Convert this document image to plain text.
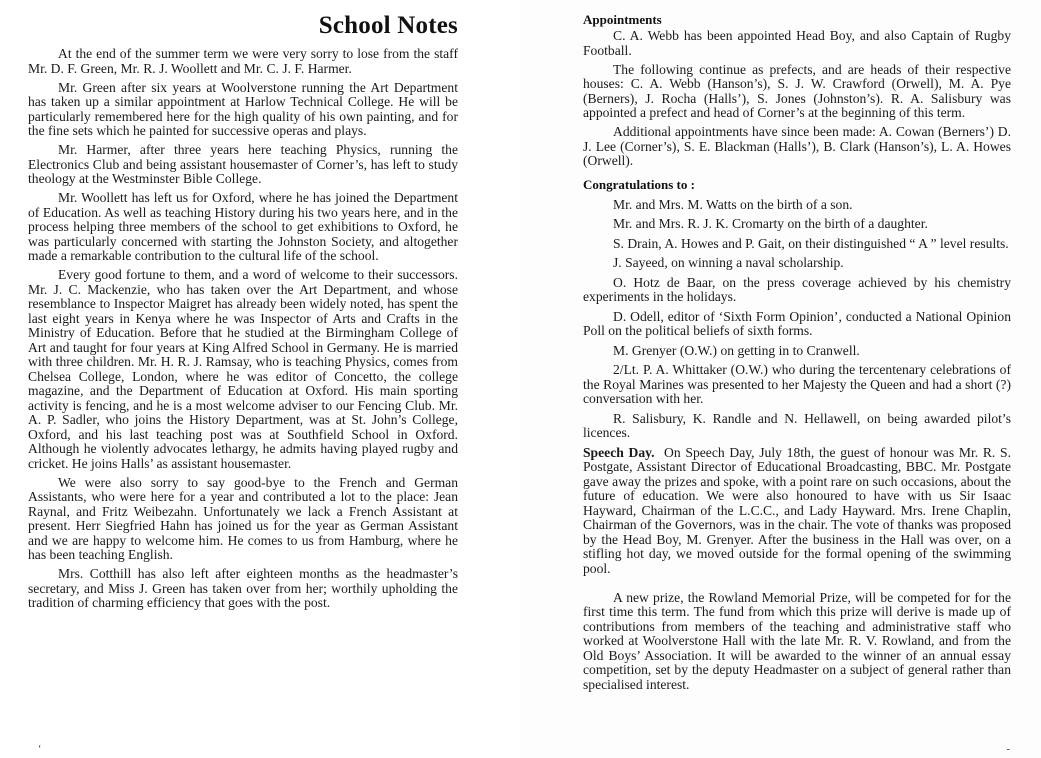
School Notes

At the end of the summer term we were very sorry to lose from the staff Mr. D. F. Green, Mr. R. J. Woollett and Mr. C. J. F. Harmer.

Mr. Green after six years at Woolverstone running the Art Department has taken up a similar appointment at Harlow Technical College. He will be particularly remembered here for the high quality of his own painting, and for the fine sets which he painted for successive operas and plays.

Mr. Harmer, after three years here teaching Physics, running the Electronics Club and being assistant housemaster of Corner’s, has left to study theology at the Westminster Bible College.

Mr. Woollett has left us for Oxford, where he has joined the Department of Education. As well as teaching History during his two years here, and in the process helping three members of the school to get exhibitions to Oxford, he was particularly concerned with starting the Johnston Society, and altogether made a remarkable contribution to the cultural life of the school.

Every good fortune to them, and a word of welcome to their successors. Mr. J. C. Mackenzie, who has taken over the Art Department, and whose resemblance to Inspector Maigret has already been widely noted, has spent the last eight years in Kenya where he was Inspector of Arts and Crafts in the Ministry of Education. Before that he studied at the Birmingham College of Art and taught for four years at King Alfred School in Germany. He is married with three children. Mr. H. R. J. Ramsay, who is teaching Physics, comes from Chelsea College, London, where he was editor of Concetto, the college magazine, and the Department of Education at Oxford. His main sporting activity is fencing, and he is a most welcome adviser to our Fencing Club. Mr. A. P. Sadler, who joins the History Department, was at St. John’s College, Oxford, and his last teaching post was at Southfield School in Oxford. Although he violently advocates lethargy, he admits having played rugby and cricket. He joins Halls’ as assistant housemaster.

We were also sorry to say good-bye to the French and German Assistants, who were here for a year and contributed a lot to the place: Jean Raynal, and Fritz Weibezahn. Unfortunately we lack a French Assistant at present. Herr Siegfried Hahn has joined us for the year as German Assistant and we are happy to welcome him. He comes to us from Hamburg, where he has been teaching English.

Mrs. Cotthill has also left after eighteen months as the headmaster’s secretary, and Miss J. Green has taken over from her; worthily upholding the tradition of charming efficiency that goes with the post.

‘
Appointments

C. A. Webb has been appointed Head Boy, and also Captain of Rugby Football.

The following continue as prefects, and are heads of their respective houses: C. A. Webb (Hanson’s), S. J. W. Crawford (Orwell), M. A. Pye (Berners), J. Rocha (Halls’), S. Jones (Johnston’s). R. A. Salisbury was appointed a prefect and head of Corner’s at the beginning of this term.

Additional appointments have since been made: A. Cowan (Berners’) D. J. Lee (Corner’s), S. E. Blackman (Halls’), B. Clark (Hanson’s), L. A. Howes (Orwell).

Congratulations to :

Mr. and Mrs. M. Watts on the birth of a son.

Mr. and Mrs. R. J. K. Cromarty on the birth of a daughter.

S. Drain, A. Howes and P. Gait, on their distinguished “ A ” level results.

J. Sayeed, on winning a naval scholarship.

O. Hotz de Baar, on the press coverage achieved by his chemistry experiments in the holidays.

D. Odell, editor of ‘Sixth Form Opinion’, conducted a National Opinion Poll on the political beliefs of sixth forms.

M. Grenyer (O.W.) on getting in to Cranwell.

2/Lt. P. A. Whittaker (O.W.) who during the tercentenary celebrations of the Royal Marines was presented to her Majesty the Queen and had a short (?) conversation with her.

R. Salisbury, K. Randle and N. Hellawell, on being awarded pilot’s licences.

Speech Day. On Speech Day, July 18th, the guest of honour was Mr. R. S. Postgate, Assistant Director of Educational Broadcasting, BBC. Mr. Postgate gave away the prizes and spoke, with a point rare on such occasions, about the future of education. We were also honoured to have with us Sir Isaac Hayward, Chairman of the L.C.C., and Lady Hayward. Mrs. Irene Chaplin, Chairman of the Governors, was in the chair. The vote of thanks was proposed by the Head Boy, M. Grenyer. After the business in the Hall was over, on a stifling hot day, we moved outside for the formal opening of the swimming pool.

A new prize, the Rowland Memorial Prize, will be competed for for the first time this term. The fund from which this prize will derive is made up of contributions from members of the teaching and administrative staff who worked at Woolverstone Hall with the late Mr. R. V. Rowland, and from the Old Boys’ Association. It will be awarded to the winner of an annual essay competition, set by the deputy Headmaster on a subject of general rather than specialised interest.

-
